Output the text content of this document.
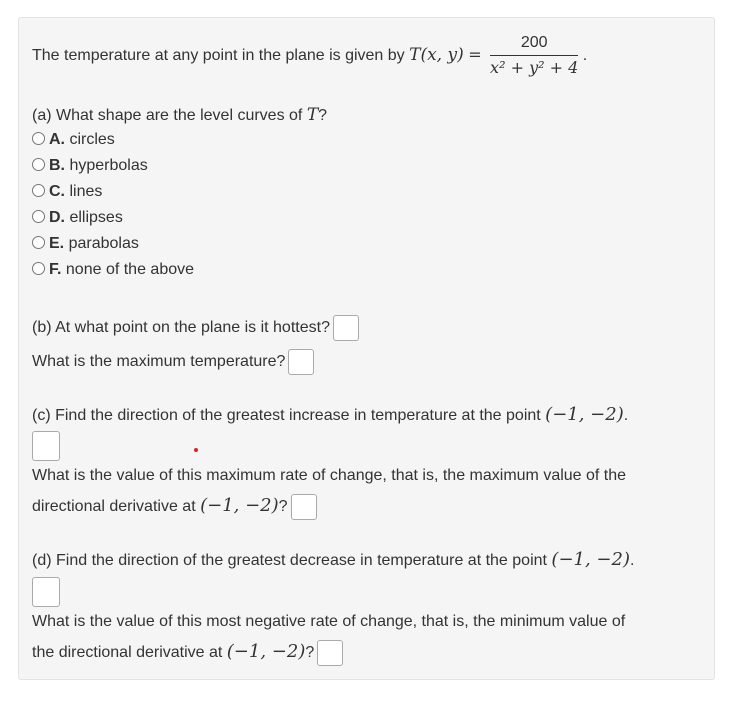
The temperature at any point in the plane is given by T(x, $y) = \frac{200}{\text{x² + y² + 4}}$ .
(a) What shape are the level curves of T?
A. circles
B. hyperbolas
C. lines
D. ellipses
E. parabolas
F. none of the above
(b) At what point on the plane is it hottest?
What is the maximum temperature?
(c) Find the direction of the greatest increase in temperature at the point (−1, −2).
What is the value of this maximum rate of change, that is, the maximum value of the
directional derivative at (−1, −2)?
(d) Find the direction of the greatest decrease in temperature at the point (−1, −2).
What is the value of this most negative rate of change, that is, the minimum value of
the directional derivative at (−1, −2)?
